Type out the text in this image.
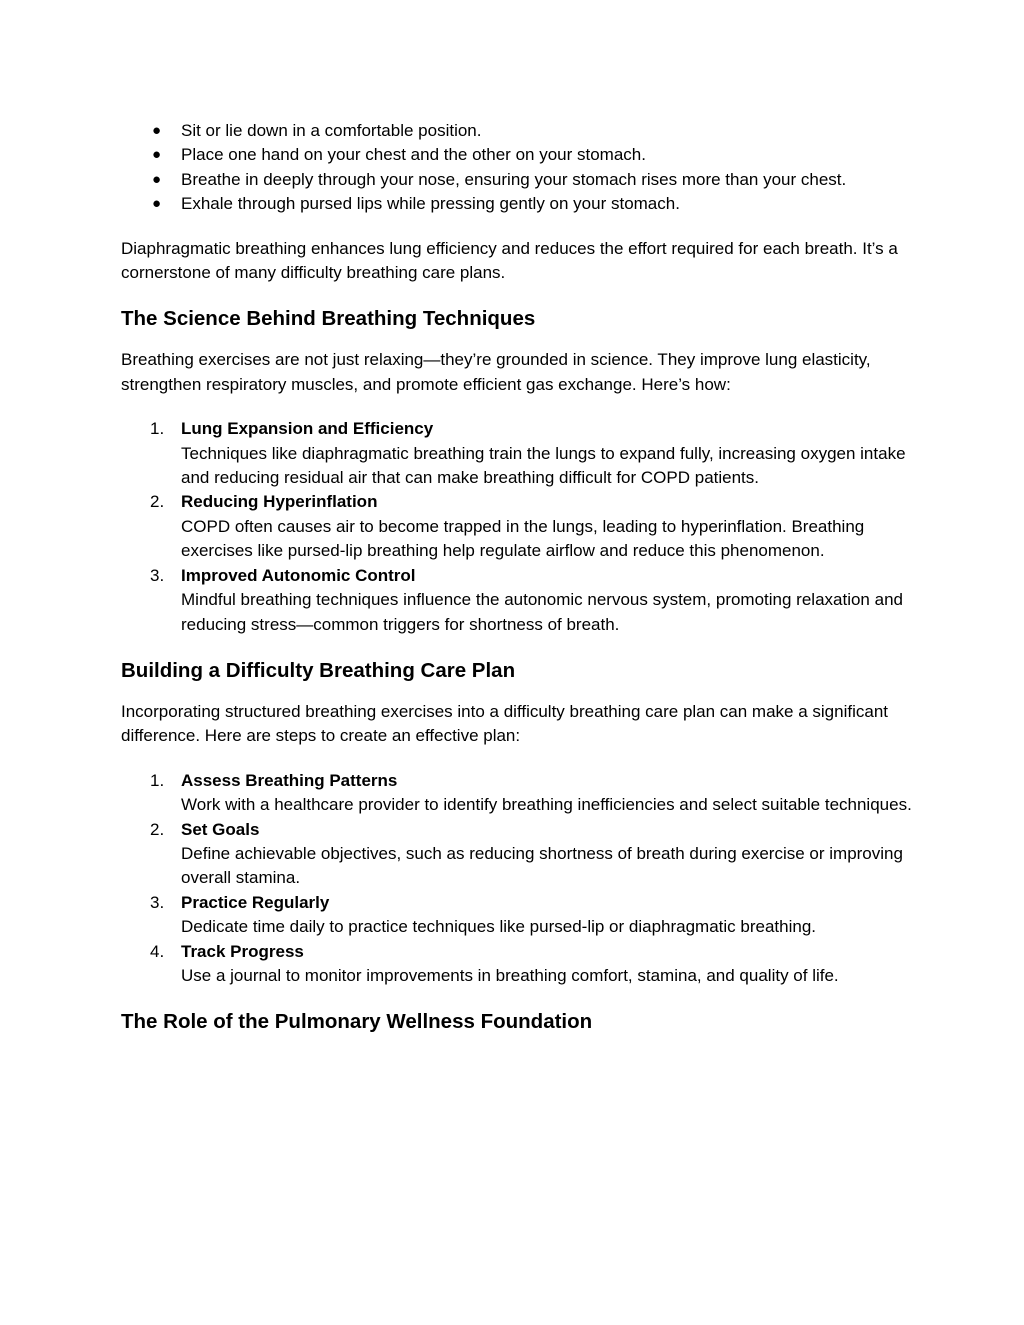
● Sit or lie down in a comfortable position.
● Place one hand on your chest and the other on your stomach.
● Breathe in deeply through your nose, ensuring your stomach rises more than your chest.
● Exhale through pursed lips while pressing gently on your stomach.

Diaphragmatic breathing enhances lung efficiency and reduces the effort required for each breath. It’s a cornerstone of many difficulty breathing care plans.

The Science Behind Breathing Techniques

Breathing exercises are not just relaxing—they’re grounded in science. They improve lung elasticity, strengthen respiratory muscles, and promote efficient gas exchange. Here’s how:

1. Lung Expansion and Efficiency
Techniques like diaphragmatic breathing train the lungs to expand fully, increasing oxygen intake and reducing residual air that can make breathing difficult for COPD patients.
2. Reducing Hyperinflation
COPD often causes air to become trapped in the lungs, leading to hyperinflation. Breathing exercises like pursed-lip breathing help regulate airflow and reduce this phenomenon.
3. Improved Autonomic Control
Mindful breathing techniques influence the autonomic nervous system, promoting relaxation and reducing stress—common triggers for shortness of breath.
Building a Difficulty Breathing Care Plan

Incorporating structured breathing exercises into a difficulty breathing care plan can make a significant difference. Here are steps to create an effective plan:

1. Assess Breathing Patterns
Work with a healthcare provider to identify breathing inefficiencies and select suitable techniques.
2. Set Goals
Define achievable objectives, such as reducing shortness of breath during exercise or improving overall stamina.
3. Practice Regularly
Dedicate time daily to practice techniques like pursed-lip or diaphragmatic breathing.
4. Track Progress
Use a journal to monitor improvements in breathing comfort, stamina, and quality of life.
The Role of the Pulmonary Wellness Foundation
